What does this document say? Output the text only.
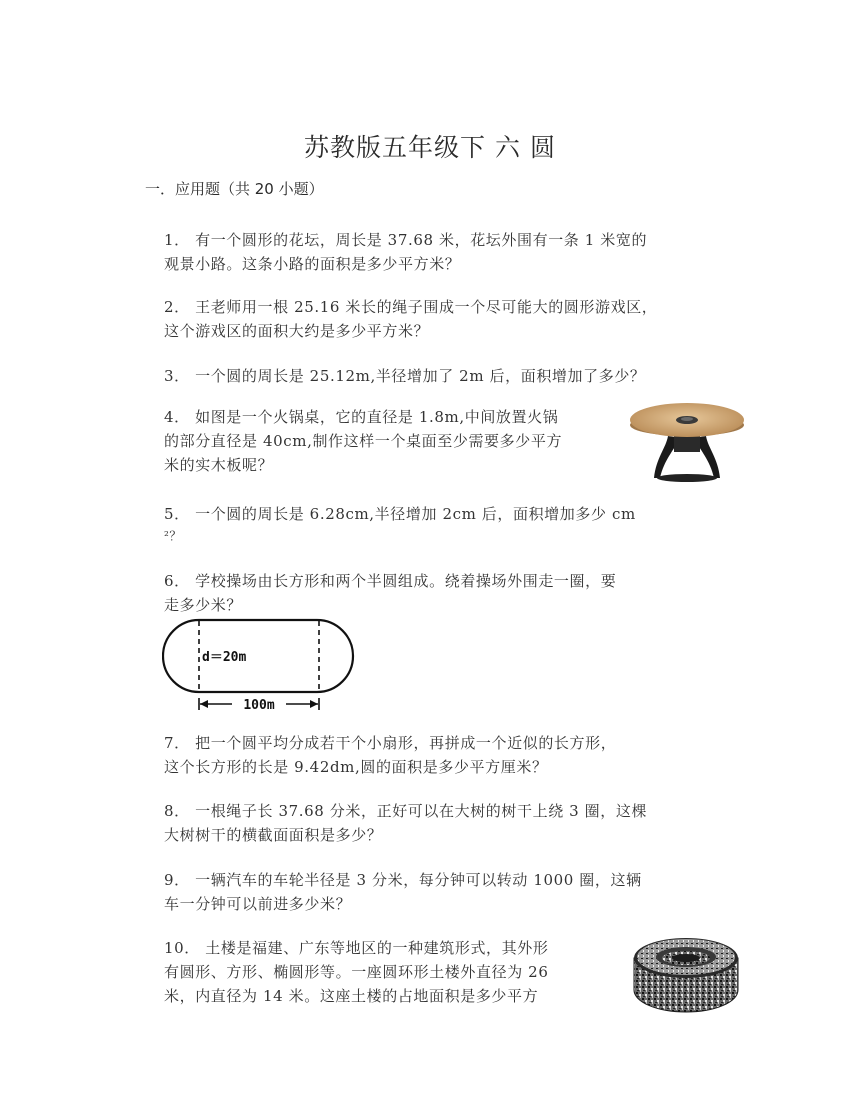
苏教版五年级下 六 圆
一．应用题（共 20 小题）
1． 有一个圆形的花坛，周长是 37.68 米，花坛外围有一条 1 米宽的
观景小路。这条小路的面积是多少平方米？
2． 王老师用一根 25.16 米长的绳子围成一个尽可能大的圆形游戏区，
这个游戏区的面积大约是多少平方米？
3． 一个圆的周长是 25.12m,半径增加了 2m 后，面积增加了多少？
4． 如图是一个火锅桌，它的直径是 1.8m,中间放置火锅
的部分直径是 40cm,制作这样一个桌面至少需要多少平方
米的实木板呢？
5． 一个圆的周长是 6.28cm,半径增加 2cm 后，面积增加多少 cm
²？
6． 学校操场由长方形和两个半圆组成。绕着操场外围走一圈，要
走多少米？
d＝20m
100m
7． 把一个圆平均分成若干个小扇形，再拼成一个近似的长方形，
这个长方形的长是 9.42dm,圆的面积是多少平方厘米？
8． 一根绳子长 37.68 分米，正好可以在大树的树干上绕 3 圈，这棵
大树树干的横截面面积是多少？
9． 一辆汽车的车轮半径是 3 分米，每分钟可以转动 1000 圈，这辆
车一分钟可以前进多少米？
10． 土楼是福建、广东等地区的一种建筑形式，其外形
有圆形、方形、椭圆形等。一座圆环形土楼外直径为 26
米，内直径为 14 米。这座土楼的占地面积是多少平方
